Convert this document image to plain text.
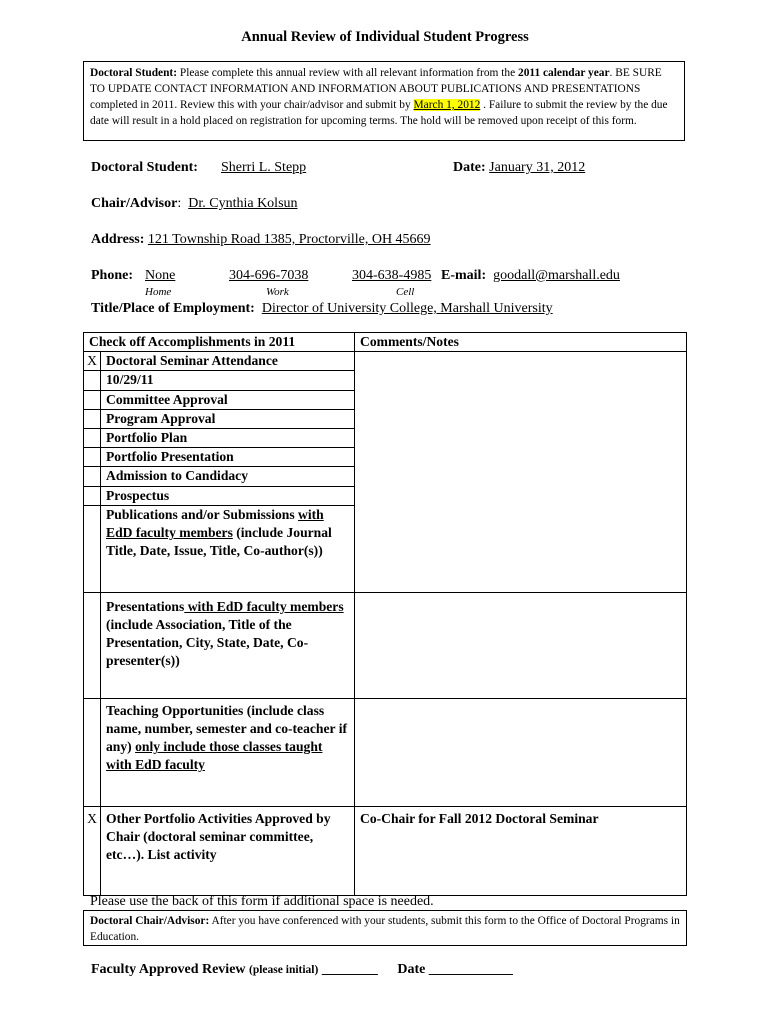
Annual Review of Individual Student Progress
Doctoral Student: Please complete this annual review with all relevant information from the 2011 calendar year. BE SURE TO UPDATE CONTACT INFORMATION AND INFORMATION ABOUT PUBLICATIONS AND PRESENTATIONS completed in 2011. Review this with your chair/advisor and submit by March 1, 2012 . Failure to submit the review by the due date will result in a hold placed on registration for upcoming terms. The hold will be removed upon receipt of this form.
Doctoral Student: Sherri L. Stepp	Date: January 31, 2012
Chair/Advisor:  Dr. Cynthia Kolsun
Address: 121 Township Road 1385, Proctorville, OH 45669
Phone: None	304-696-7038	304-638-4985 E-mail: goodall@marshall.edu
Home	Work	Cell
Title/Place of Employment: Director of University College, Marshall University
Check off Accomplishments in 2011		Comments/Notes
X	Doctoral Seminar Attendance	
	10/29/11	
	Committee Approval	
	Program Approval	
	Portfolio Plan	
	Portfolio Presentation	
	Admission to Candidacy	
	Prospectus	
	Publications and/or Submissions with EdD faculty members (include Journal Title, Date, Issue, Title, Co-author(s))	
	Presentations with EdD faculty members (include Association, Title of the Presentation, City, State, Date, Co-presenter(s))	
	Teaching Opportunities (include class name, number, semester and co-teacher if any) only include those classes taught with EdD faculty	
X	Other Portfolio Activities Approved by Chair (doctoral seminar committee, etc…). List activity	Co-Chair for Fall 2012 Doctoral Seminar
Please use the back of this form if additional space is needed.
Doctoral Chair/Advisor: After you have conferenced with your students, submit this form to the Office of Doctoral Programs in Education.
Faculty Approved Review (please initial) ________ Date ____________
